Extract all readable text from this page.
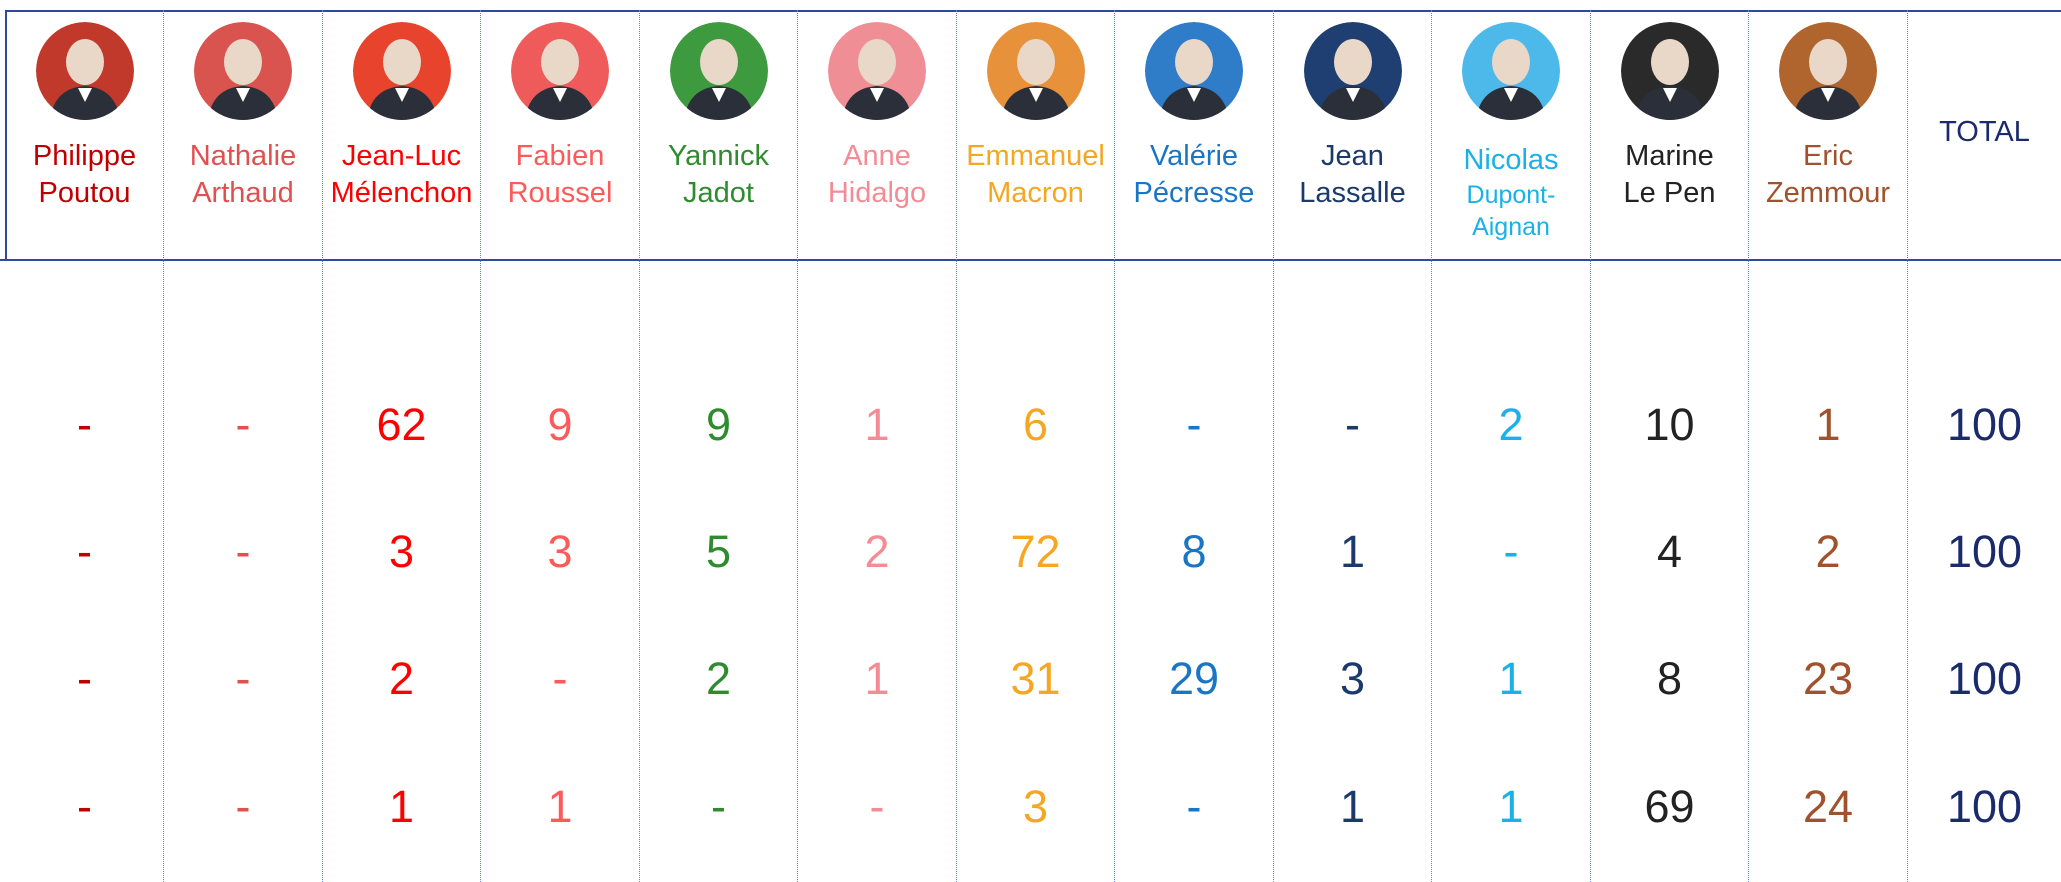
Philippe
Poutou
-
-
-
-
Nathalie
Arthaud
-
-
-
-
Jean-Luc
Mélenchon
62
3
2
1
Fabien
Roussel
9
3
-
1
Yannick
Jadot
9
5
2
-
Anne
Hidalgo
1
2
1
-
Emmanuel
Macron
6
72
31
3
Valérie
Pécresse
-
8
29
-
Jean
Lassalle
-
1
3
1
Nicolas
Dupont-
Aignan
2
-
1
1
Marine
Le Pen
10
4
8
69
Eric
Zemmour
1
2
23
24
TOTAL
100
100
100
100
